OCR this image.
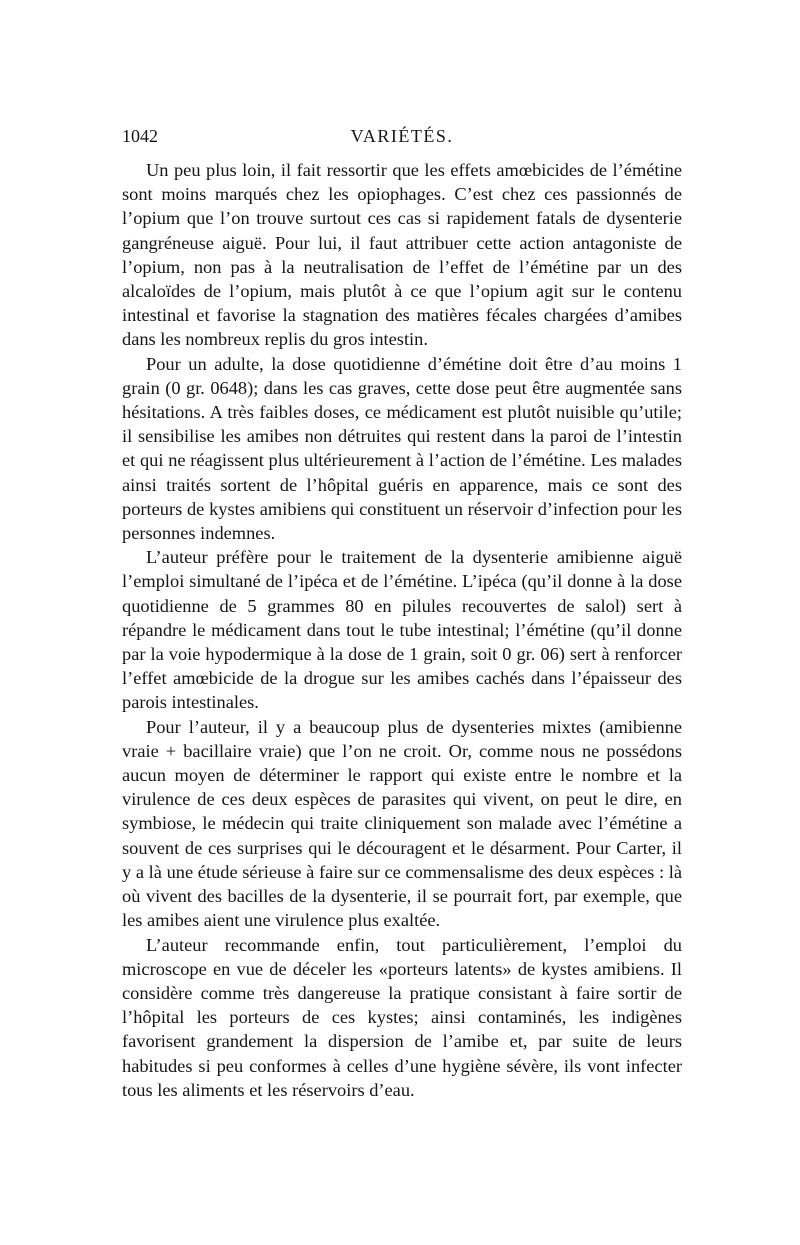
1042	VARIÉTÉS.

Un peu plus loin, il fait ressortir que les effets amœbicides de l’émétine sont moins marqués chez les opiophages. C’est chez ces passionnés de l’opium que l’on trouve surtout ces cas si rapidement fatals de dysenterie gangréneuse aiguë. Pour lui, il faut attribuer cette action antagoniste de l’opium, non pas à la neutralisation de l’effet de l’émétine par un des alcaloïdes de l’opium, mais plutôt à ce que l’opium agit sur le contenu intestinal et favorise la stagnation des matières fécales chargées d’amibes dans les nombreux replis du gros intestin.

Pour un adulte, la dose quotidienne d’émétine doit être d’au moins 1 grain (0 gr. 0648); dans les cas graves, cette dose peut être augmentée sans hésitations. A très faibles doses, ce médicament est plutôt nuisible qu’utile; il sensibilise les amibes non détruites qui restent dans la paroi de l’intestin et qui ne réagissent plus ultérieurement à l’action de l’émétine. Les malades ainsi traités sortent de l’hôpital guéris en apparence, mais ce sont des porteurs de kystes amibiens qui constituent un réservoir d’infection pour les personnes indemnes.

L’auteur préfère pour le traitement de la dysenterie amibienne aiguë l’emploi simultané de l’ipéca et de l’émétine. L’ipéca (qu’il donne à la dose quotidienne de 5 grammes 80 en pilules recouvertes de salol) sert à répandre le médicament dans tout le tube intestinal; l’émétine (qu’il donne par la voie hypodermique à la dose de 1 grain, soit 0 gr. 06) sert à renforcer l’effet amœbicide de la drogue sur les amibes cachés dans l’épaisseur des parois intestinales.

Pour l’auteur, il y a beaucoup plus de dysenteries mixtes (amibienne vraie + bacillaire vraie) que l’on ne croit. Or, comme nous ne possédons aucun moyen de déterminer le rapport qui existe entre le nombre et la virulence de ces deux espèces de parasites qui vivent, on peut le dire, en symbiose, le médecin qui traite cliniquement son malade avec l’émétine a souvent de ces surprises qui le découragent et le désarment. Pour Carter, il y a là une étude sérieuse à faire sur ce commensalisme des deux espèces : là où vivent des bacilles de la dysenterie, il se pourrait fort, par exemple, que les amibes aient une virulence plus exaltée.

L’auteur recommande enfin, tout particulièrement, l’emploi du microscope en vue de déceler les «porteurs latents» de kystes amibiens. Il considère comme très dangereuse la pratique consistant à faire sortir de l’hôpital les porteurs de ces kystes; ainsi contaminés, les indigènes favorisent grandement la dispersion de l’amibe et, par suite de leurs habitudes si peu conformes à celles d’une hygiène sévère, ils vont infecter tous les aliments et les réservoirs d’eau.
